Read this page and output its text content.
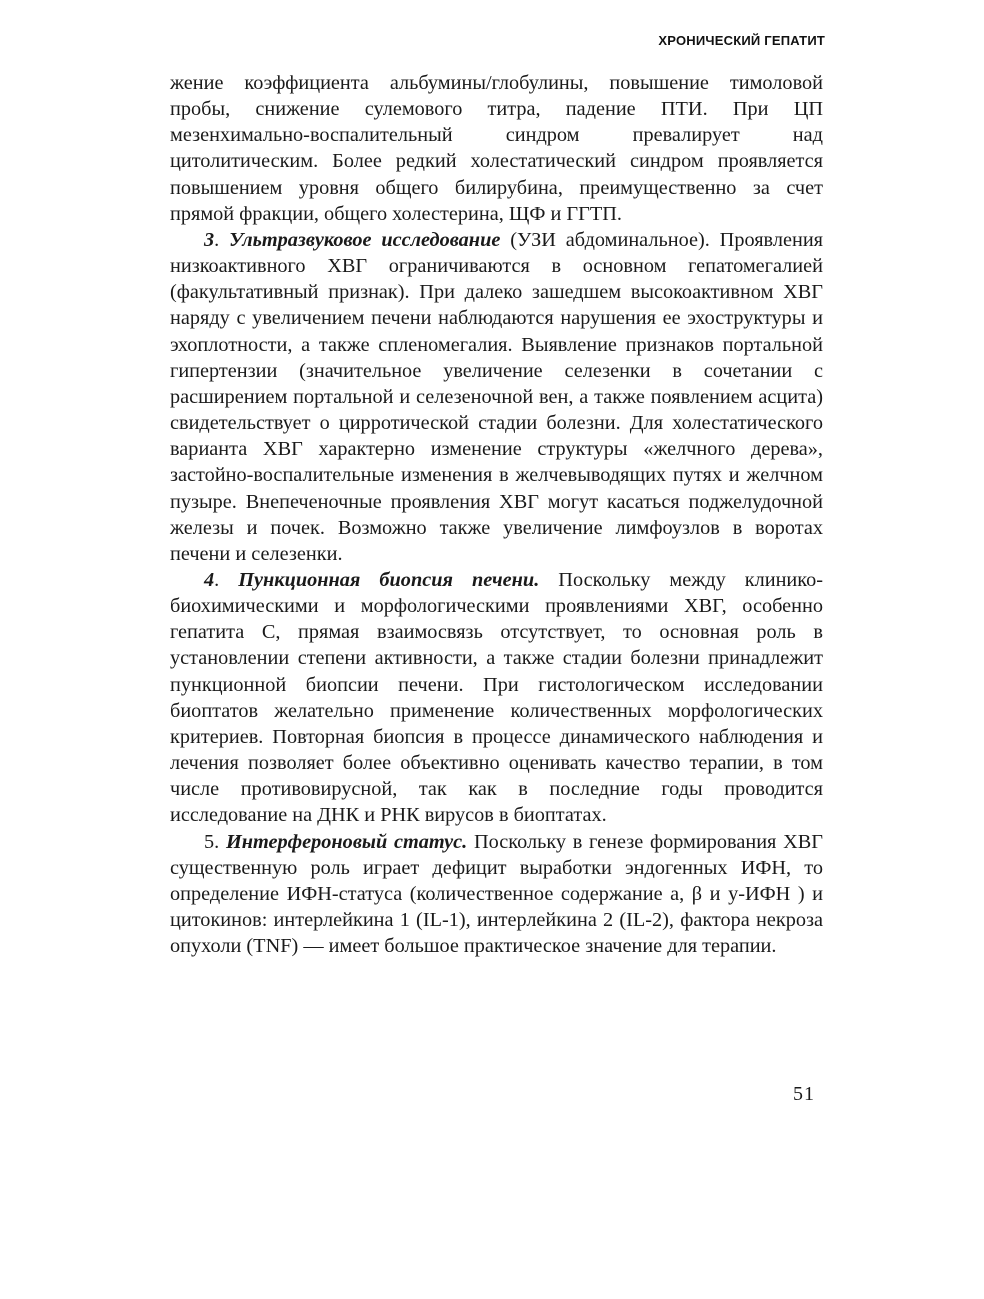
ХРОНИЧЕСКИЙ ГЕПАТИТ

жение коэффициента альбумины/глобулины, повышение тимоловой пробы, снижение сулемового титра, падение ПТИ. При ЦП мезенхимально-воспалительный синдром превалирует над цитолитическим. Более редкий холестатический синдром проявляется повышением уровня общего билирубина, преимущественно за счет прямой фракции, общего холестерина, ЩФ и ГГТП.

3. Ультразвуковое исследование (УЗИ абдоминальное). Проявления низкоактивного ХВГ ограничиваются в основном гепатомегалией (факультативный признак). При далеко зашедшем высокоактивном ХВГ наряду с увеличением печени наблюдаются нарушения ее эхоструктуры и эхоплотности, а также спленомегалия. Выявление признаков портальной гипертензии (значительное увеличение селезенки в сочетании с расширением портальной и селезеночной вен, а также появлением асцита) свидетельствует о цирротической стадии болезни. Для холестатического варианта ХВГ характерно изменение структуры «желчного дерева», застойно-воспалительные изменения в желчевыводящих путях и желчном пузыре. Внепеченочные проявления ХВГ могут касаться поджелудочной железы и почек. Возможно также увеличение лимфоузлов в воротах печени и селезенки.

4. Пункционная биопсия печени. Поскольку между клинико-биохимическими и морфологическими проявлениями ХВГ, особенно гепатита С, прямая взаимосвязь отсутствует, то основная роль в установлении степени активности, а также стадии болезни принадлежит пункционной биопсии печени. При гистологическом исследовании биоптатов желательно применение количественных морфологических критериев. Повторная биопсия в процессе динамического наблюдения и лечения позволяет более объективно оценивать качество терапии, в том числе противовирусной, так как в последние годы проводится исследование на ДНК и РНК вирусов в биоптатах.

5. Интерфероновый статус. Поскольку в генезе формирования ХВГ существенную роль играет дефицит выработки эндогенных ИФН, то определение ИФН-статуса (количественное содержание а, β и у-ИФН ) и цитокинов: интерлейкина 1 (IL-1), интерлейкина 2 (IL-2), фактора некроза опухоли (TNF) — имеет большое практическое значение для терапии.

51
